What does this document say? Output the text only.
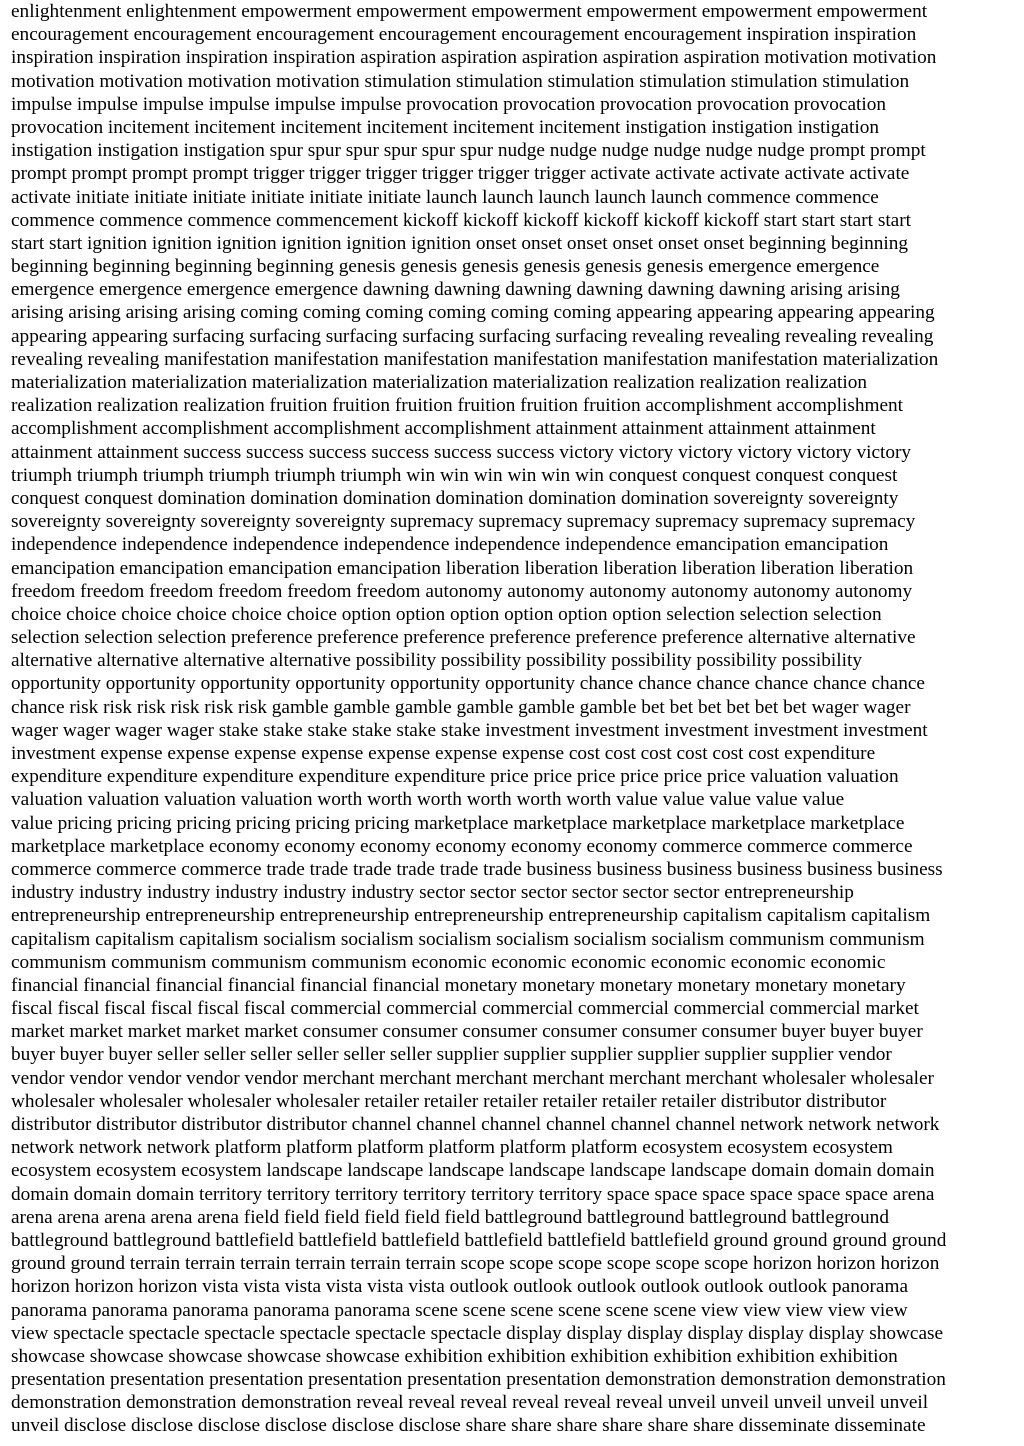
enlightenment enlightenment empowerment empowerment empowerment empowerment empowerment empowerment
encouragement encouragement encouragement encouragement encouragement encouragement inspiration inspiration
inspiration inspiration inspiration inspiration aspiration aspiration aspiration aspiration aspiration motivation motivation
motivation motivation motivation motivation stimulation stimulation stimulation stimulation stimulation stimulation
impulse impulse impulse impulse impulse impulse provocation provocation provocation provocation provocation
provocation incitement incitement incitement incitement incitement incitement instigation instigation instigation
instigation instigation instigation spur spur spur spur spur spur nudge nudge nudge nudge nudge nudge prompt prompt
prompt prompt prompt prompt trigger trigger trigger trigger trigger trigger activate activate activate activate activate
activate initiate initiate initiate initiate initiate initiate launch launch launch launch launch commence commence
commence commence commence commencement kickoff kickoff kickoff kickoff kickoff kickoff start start start start
start start ignition ignition ignition ignition ignition ignition onset onset onset onset onset onset beginning beginning
beginning beginning beginning beginning genesis genesis genesis genesis genesis genesis emergence emergence
emergence emergence emergence emergence dawning dawning dawning dawning dawning dawning arising arising
arising arising arising arising coming coming coming coming coming coming appearing appearing appearing appearing
appearing appearing surfacing surfacing surfacing surfacing surfacing surfacing revealing revealing revealing revealing
revealing revealing manifestation manifestation manifestation manifestation manifestation manifestation materialization
materialization materialization materialization materialization materialization realization realization realization
realization realization realization fruition fruition fruition fruition fruition fruition accomplishment accomplishment
accomplishment accomplishment accomplishment accomplishment attainment attainment attainment attainment
attainment attainment success success success success success success victory victory victory victory victory victory
triumph triumph triumph triumph triumph triumph win win win win win win conquest conquest conquest conquest
conquest conquest domination domination domination domination domination domination sovereignty sovereignty
sovereignty sovereignty sovereignty sovereignty supremacy supremacy supremacy supremacy supremacy supremacy
independence independence independence independence independence independence emancipation emancipation
emancipation emancipation emancipation emancipation liberation liberation liberation liberation liberation liberation
freedom freedom freedom freedom freedom freedom autonomy autonomy autonomy autonomy autonomy autonomy
choice choice choice choice choice choice option option option option option option selection selection selection
selection selection selection preference preference preference preference preference preference alternative alternative
alternative alternative alternative alternative possibility possibility possibility possibility possibility possibility
opportunity opportunity opportunity opportunity opportunity opportunity chance chance chance chance chance chance
chance risk risk risk risk risk risk gamble gamble gamble gamble gamble gamble bet bet bet bet bet bet wager wager
wager wager wager wager stake stake stake stake stake stake investment investment investment investment investment
investment expense expense expense expense expense expense expense cost cost cost cost cost cost expenditure
expenditure expenditure expenditure expenditure expenditure price price price price price price valuation valuation
valuation valuation valuation valuation worth worth worth worth worth worth value value value value value
value pricing pricing pricing pricing pricing pricing marketplace marketplace marketplace marketplace marketplace
marketplace marketplace economy economy economy economy economy economy commerce commerce commerce
commerce commerce commerce trade trade trade trade trade trade business business business business business business
industry industry industry industry industry industry sector sector sector sector sector sector entrepreneurship
entrepreneurship entrepreneurship entrepreneurship entrepreneurship entrepreneurship capitalism capitalism capitalism
capitalism capitalism capitalism socialism socialism socialism socialism socialism socialism communism communism
communism communism communism communism economic economic economic economic economic economic
financial financial financial financial financial financial monetary monetary monetary monetary monetary monetary
fiscal fiscal fiscal fiscal fiscal fiscal commercial commercial commercial commercial commercial commercial market
market market market market market consumer consumer consumer consumer consumer consumer buyer buyer buyer
buyer buyer buyer seller seller seller seller seller seller supplier supplier supplier supplier supplier supplier vendor
vendor vendor vendor vendor vendor merchant merchant merchant merchant merchant merchant wholesaler wholesaler
wholesaler wholesaler wholesaler wholesaler retailer retailer retailer retailer retailer retailer distributor distributor
distributor distributor distributor distributor channel channel channel channel channel channel network network network
network network network platform platform platform platform platform platform ecosystem ecosystem ecosystem
ecosystem ecosystem ecosystem landscape landscape landscape landscape landscape landscape domain domain domain
domain domain domain territory territory territory territory territory territory space space space space space space arena
arena arena arena arena arena field field field field field field battleground battleground battleground battleground
battleground battleground battlefield battlefield battlefield battlefield battlefield battlefield ground ground ground ground
ground ground terrain terrain terrain terrain terrain terrain scope scope scope scope scope scope horizon horizon horizon
horizon horizon horizon vista vista vista vista vista vista outlook outlook outlook outlook outlook outlook panorama
panorama panorama panorama panorama panorama scene scene scene scene scene scene view view view view view
view spectacle spectacle spectacle spectacle spectacle spectacle display display display display display display showcase
showcase showcase showcase showcase showcase exhibition exhibition exhibition exhibition exhibition exhibition
presentation presentation presentation presentation presentation presentation demonstration demonstration demonstration
demonstration demonstration demonstration reveal reveal reveal reveal reveal reveal unveil unveil unveil unveil unveil
unveil disclose disclose disclose disclose disclose disclose share share share share share share disseminate disseminate
